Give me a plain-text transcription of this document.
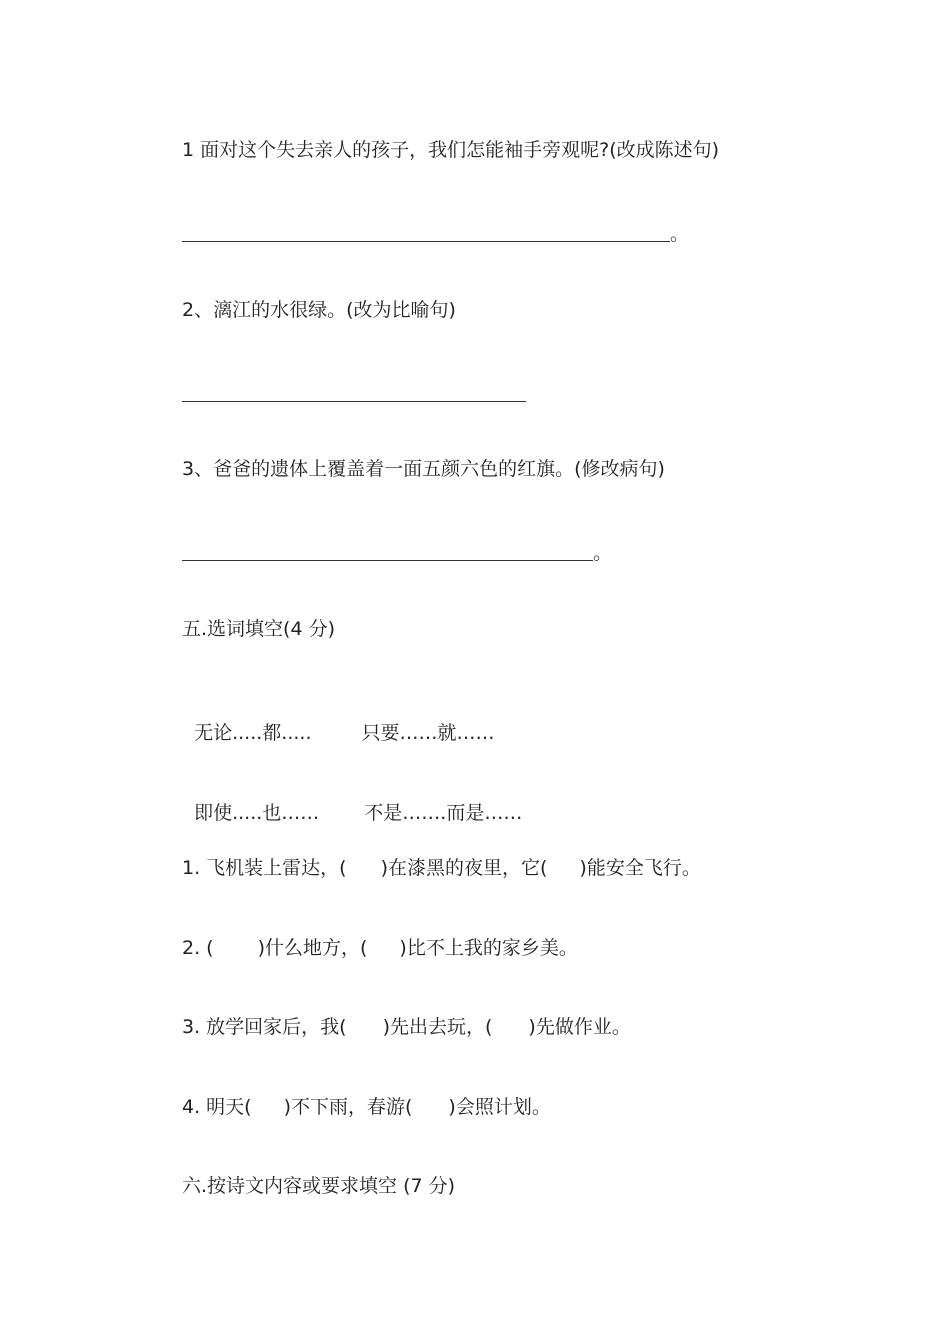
1 面对这个失去亲人的孩子，我们怎能袖手旁观呢?(改成陈述句)
。
2、漓江的水很绿。(改为比喻句)
3、爸爸的遗体上覆盖着一面五颜六色的红旗。(修改病句)
。
五.选词填空(4 分)

无论.....都.....	只要……就……

即使.....也…… 不是…….而是……

1. 飞机装上雷达，( )在漆黑的夜里，它( )能安全飞行。
2. ( )什么地方，( )比不上我的家乡美。
3. 放学回家后，我( )先出去玩，( )先做作业。
4. 明天( )不下雨，春游( )会照计划。
六.按诗文内容或要求填空 (7 分)
